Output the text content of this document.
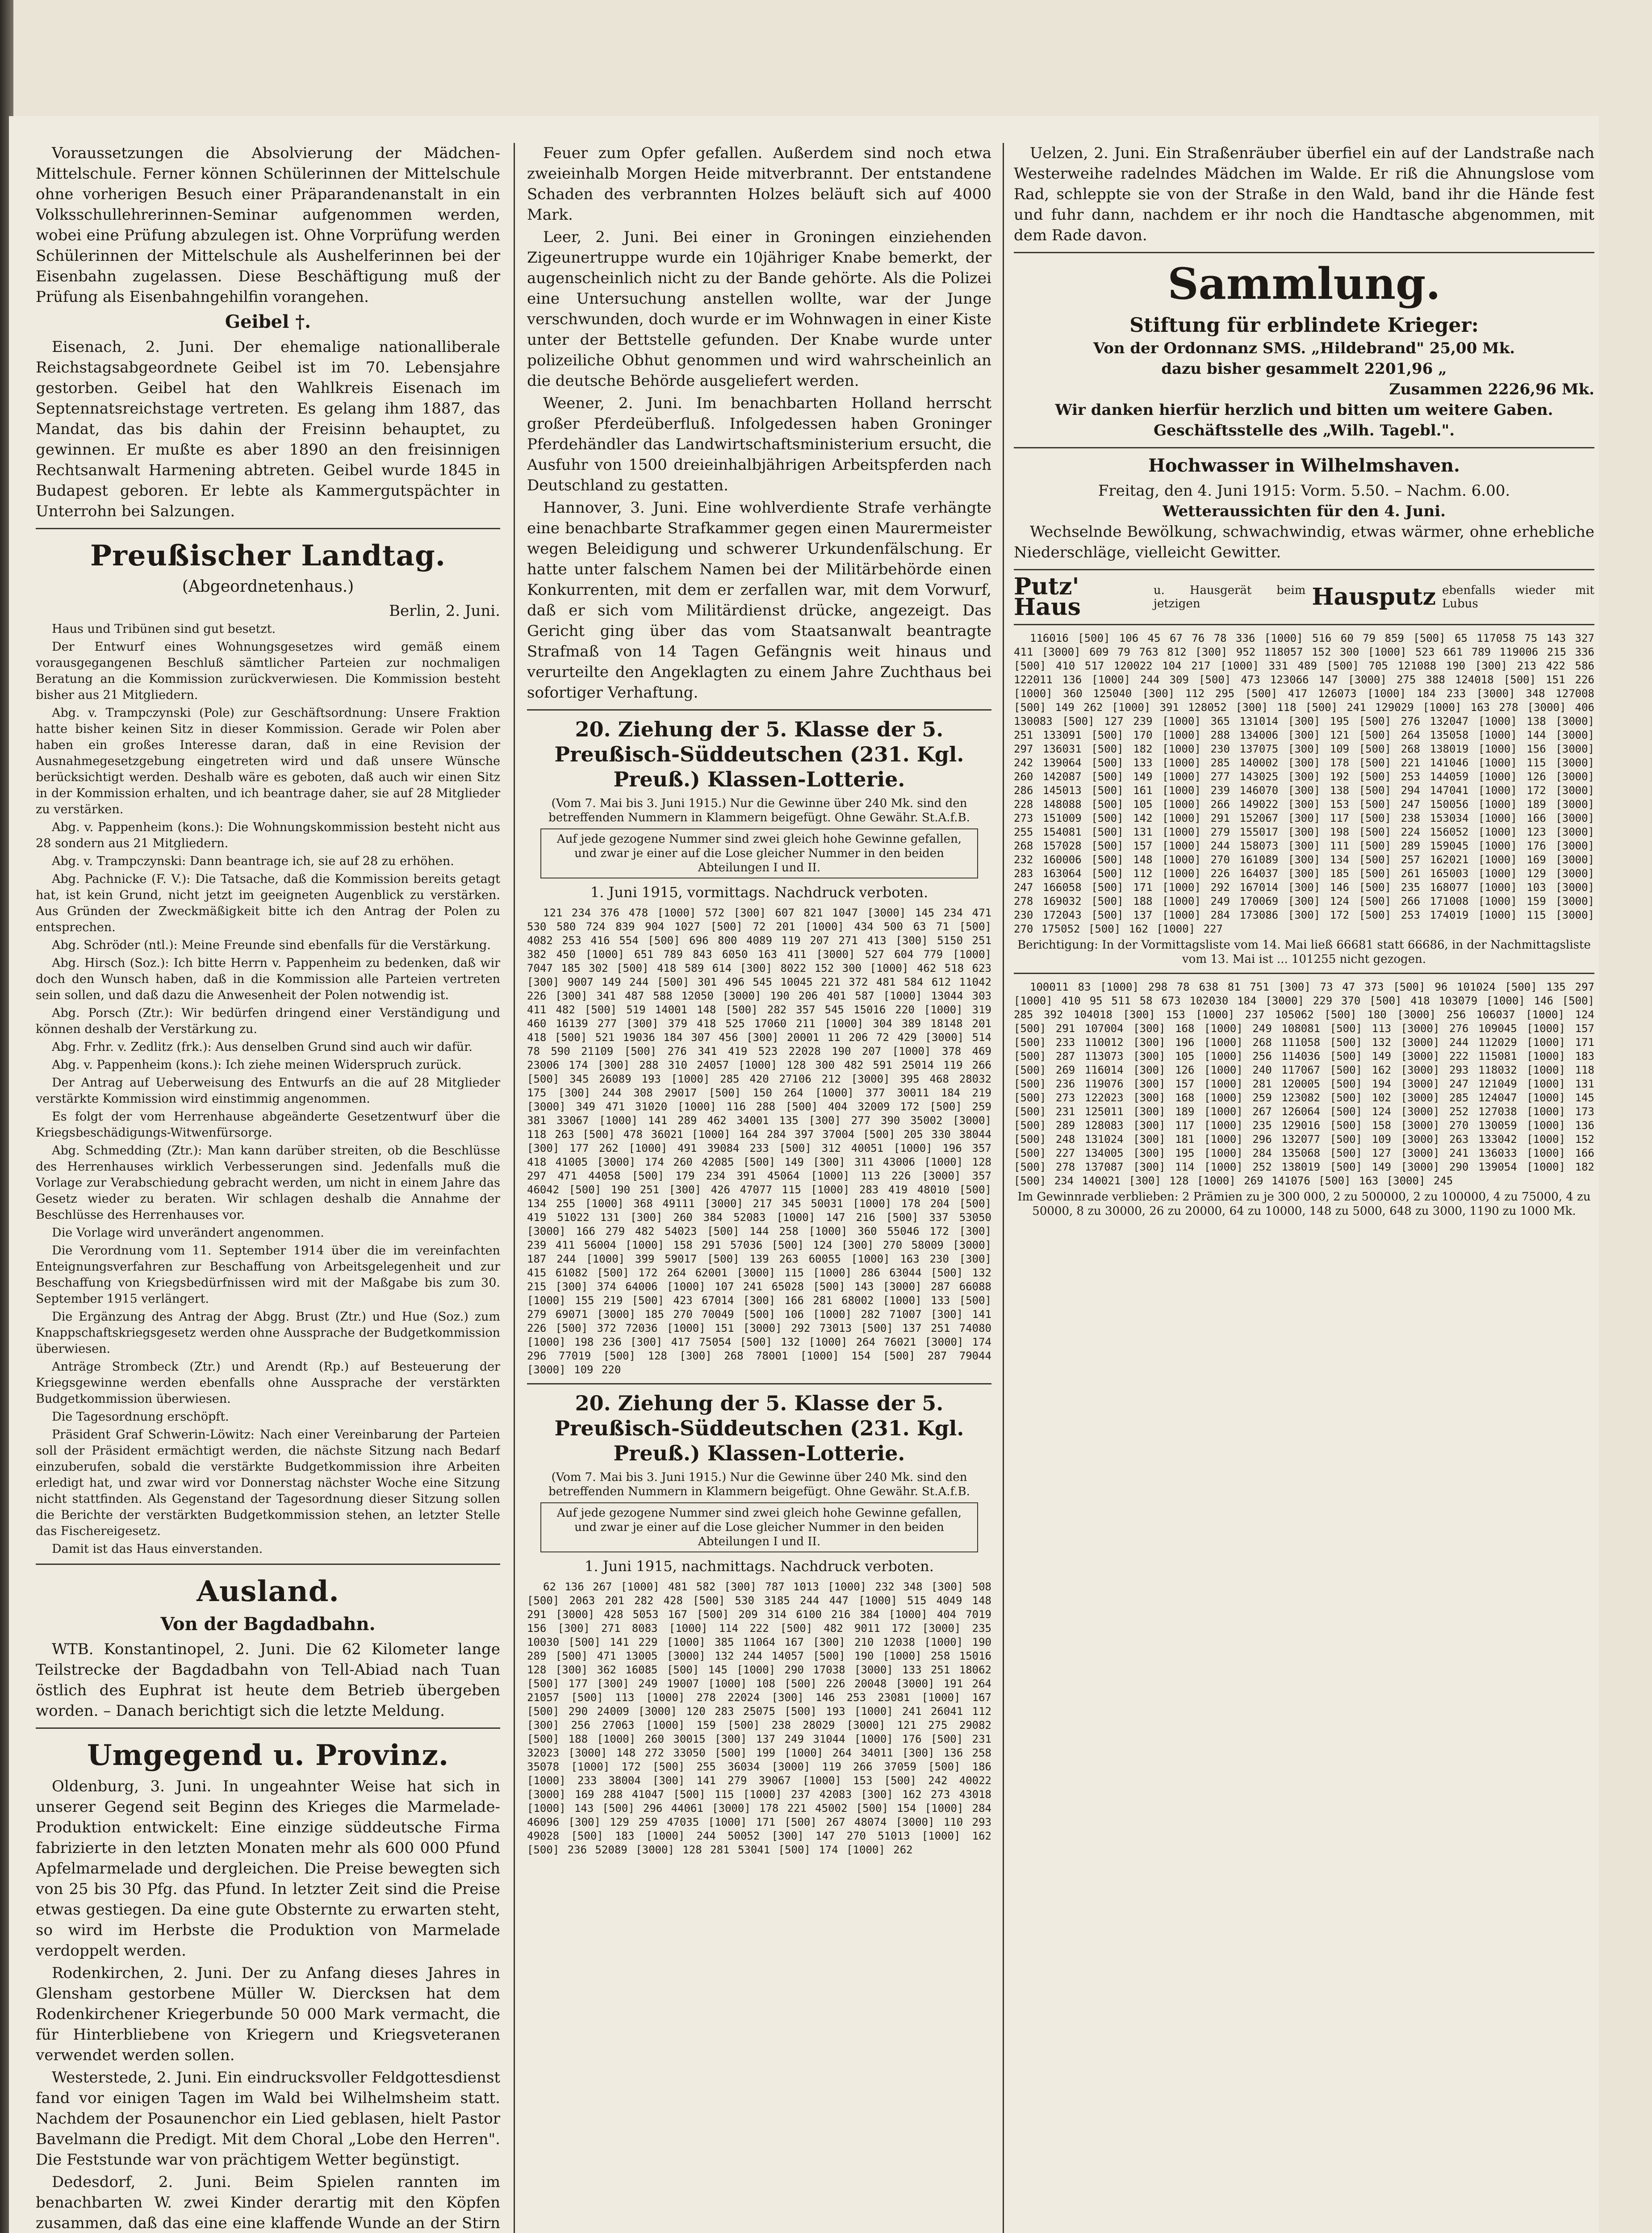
Voraussetzungen die Absolvierung der Mädchen-Mittelschule. Ferner können Schülerinnen der Mittelschule ohne vorherigen Besuch einer Präparandenanstalt in ein Volksschullehrerinnen-Seminar aufgenommen werden, wobei eine Prüfung abzulegen ist. Ohne Vorprüfung werden Schülerinnen der Mittelschule als Aushelferinnen bei der Eisenbahn zugelassen. Diese Beschäftigung muß der Prüfung als Eisenbahngehilfin vorangehen.

Geibel †.

Eisenach, 2. Juni. Der ehemalige nationalliberale Reichstagsabgeordnete Geibel ist im 70. Lebensjahre gestorben. Geibel hat den Wahlkreis Eisenach im Septennatsreichstage vertreten. Es gelang ihm 1887, das Mandat, das bis dahin der Freisinn behauptet, zu gewinnen. Er mußte es aber 1890 an den freisinnigen Rechtsanwalt Harmening abtreten. Geibel wurde 1845 in Budapest geboren. Er lebte als Kammergutspächter in Unterrohn bei Salzungen.

Preußischer Landtag.
(Abgeordnetenhaus.)
Berlin, 2. Juni.

Haus und Tribünen sind gut besetzt.

Der Entwurf eines Wohnungsgesetzes wird gemäß einem vorausgegangenen Beschluß sämtlicher Parteien zur nochmaligen Beratung an die Kommission zurückverwiesen. Die Kommission besteht bisher aus 21 Mitgliedern.

Abg. v. Trampczynski (Pole) zur Geschäftsordnung: Unsere Fraktion hatte bisher keinen Sitz in dieser Kommission. Gerade wir Polen aber haben ein großes Interesse daran, daß in eine Revision der Ausnahmegesetzgebung eingetreten wird und daß unsere Wünsche berücksichtigt werden. Deshalb wäre es geboten, daß auch wir einen Sitz in der Kommission erhalten, und ich beantrage daher, sie auf 28 Mitglieder zu verstärken.

Abg. v. Pappenheim (kons.): Die Wohnungskommission besteht nicht aus 28 sondern aus 21 Mitgliedern.

Abg. v. Trampczynski: Dann beantrage ich, sie auf 28 zu erhöhen.

Abg. Pachnicke (F. V.): Die Tatsache, daß die Kommission bereits getagt hat, ist kein Grund, nicht jetzt im geeigneten Augenblick zu verstärken. Aus Gründen der Zweckmäßigkeit bitte ich den Antrag der Polen zu entsprechen.

Abg. Schröder (ntl.): Meine Freunde sind ebenfalls für die Verstärkung.

Abg. Hirsch (Soz.): Ich bitte Herrn v. Pappenheim zu bedenken, daß wir doch den Wunsch haben, daß in die Kommission alle Parteien vertreten sein sollen, und daß dazu die Anwesenheit der Polen notwendig ist.

Abg. Porsch (Ztr.): Wir bedürfen dringend einer Verständigung und können deshalb der Verstärkung zu.

Abg. Frhr. v. Zedlitz (frk.): Aus denselben Grund sind auch wir dafür.

Abg. v. Pappenheim (kons.): Ich ziehe meinen Widerspruch zurück.

Der Antrag auf Ueberweisung des Entwurfs an die auf 28 Mitglieder verstärkte Kommission wird einstimmig angenommen.

Es folgt der vom Herrenhause abgeänderte Gesetzentwurf über die Kriegsbeschädigungs-Witwenfürsorge.

Abg. Schmedding (Ztr.): Man kann darüber streiten, ob die Beschlüsse des Herrenhauses wirklich Verbesserungen sind. Jedenfalls muß die Vorlage zur Verabschiedung gebracht werden, um nicht in einem Jahre das Gesetz wieder zu beraten. Wir schlagen deshalb die Annahme der Beschlüsse des Herrenhauses vor.

Die Vorlage wird unverändert angenommen.

Die Verordnung vom 11. September 1914 über die im vereinfachten Enteignungsverfahren zur Beschaffung von Arbeitsgelegenheit und zur Beschaffung von Kriegsbedürfnissen wird mit der Maßgabe bis zum 30. September 1915 verlängert.

Die Ergänzung des Antrag der Abgg. Brust (Ztr.) und Hue (Soz.) zum Knappschaftskriegsgesetz werden ohne Aussprache der Budgetkommission überwiesen.

Anträge Strombeck (Ztr.) und Arendt (Rp.) auf Besteuerung der Kriegsgewinne werden ebenfalls ohne Aussprache der verstärkten Budgetkommission überwiesen.

Die Tagesordnung erschöpft.

Präsident Graf Schwerin-Löwitz: Nach einer Vereinbarung der Parteien soll der Präsident ermächtigt werden, die nächste Sitzung nach Bedarf einzuberufen, sobald die verstärkte Budgetkommission ihre Arbeiten erledigt hat, und zwar wird vor Donnerstag nächster Woche eine Sitzung nicht stattfinden. Als Gegenstand der Tagesordnung dieser Sitzung sollen die Berichte der verstärkten Budgetkommission stehen, an letzter Stelle das Fischereigesetz.

Damit ist das Haus einverstanden.

Ausland.
Von der Bagdadbahn.

WTB. Konstantinopel, 2. Juni. Die 62 Kilometer lange Teilstrecke der Bagdadbahn von Tell-Abiad nach Tuan östlich des Euphrat ist heute dem Betrieb übergeben worden. – Danach berichtigt sich die letzte Meldung.

Umgegend u. Provinz.

Oldenburg, 3. Juni. In ungeahnter Weise hat sich in unserer Gegend seit Beginn des Krieges die Marmelade-Produktion entwickelt: Eine einzige süddeutsche Firma fabrizierte in den letzten Monaten mehr als 600 000 Pfund Apfelmarmelade und dergleichen. Die Preise bewegten sich von 25 bis 30 Pfg. das Pfund. In letzter Zeit sind die Preise etwas gestiegen. Da eine gute Obsternte zu erwarten steht, so wird im Herbste die Produktion von Marmelade verdoppelt werden.

Rodenkirchen, 2. Juni. Der zu Anfang dieses Jahres in Glensham gestorbene Müller W. Diercksen hat dem Rodenkirchener Kriegerbunde 50 000 Mark vermacht, die für Hinterbliebene von Kriegern und Kriegsveteranen verwendet werden sollen.

Westerstede, 2. Juni. Ein eindrucksvoller Feldgottesdienst fand vor einigen Tagen im Wald bei Wilhelmsheim statt. Nachdem der Posaunenchor ein Lied geblasen, hielt Pastor Bavelmann die Predigt. Mit dem Choral „Lobe den Herren". Die Feststunde war von prächtigem Wetter begünstigt.

Dedesdorf, 2. Juni. Beim Spielen rannten im benachbarten W. zwei Kinder derartig mit den Köpfen zusammen, daß das eine eine klaffende Wunde an der Stirn

Feuer zum Opfer gefallen. Außerdem sind noch etwa zweieinhalb Morgen Heide mitverbrannt. Der entstandene Schaden des verbrannten Holzes beläuft sich auf 4000 Mark.

Leer, 2. Juni. Bei einer in Groningen einziehenden Zigeunertruppe wurde ein 10jähriger Knabe bemerkt, der augenscheinlich nicht zu der Bande gehörte. Als die Polizei eine Untersuchung anstellen wollte, war der Junge verschwunden, doch wurde er im Wohnwagen in einer Kiste unter der Bettstelle gefunden. Der Knabe wurde unter polizeiliche Obhut genommen und wird wahrscheinlich an die deutsche Behörde ausgeliefert werden.

Weener, 2. Juni. Im benachbarten Holland herrscht großer Pferdeüberfluß. Infolgedessen haben Groninger Pferdehändler das Landwirtschaftsministerium ersucht, die Ausfuhr von 1500 dreieinhalbjährigen Arbeitspferden nach Deutschland zu gestatten.

Hannover, 3. Juni. Eine wohlverdiente Strafe verhängte eine benachbarte Strafkammer gegen einen Maurermeister wegen Beleidigung und schwerer Urkundenfälschung. Er hatte unter falschem Namen bei der Militärbehörde einen Konkurrenten, mit dem er zerfallen war, mit dem Vorwurf, daß er sich vom Militärdienst drücke, angezeigt. Das Gericht ging über das vom Staatsanwalt beantragte Strafmaß von 14 Tagen Gefängnis weit hinaus und verurteilte den Angeklagten zu einem Jahre Zuchthaus bei sofortiger Verhaftung.

20. Ziehung der 5. Klasse der 5. Preußisch-Süddeutschen (231. Kgl. Preuß.) Klassen-Lotterie.
(Vom 7. Mai bis 3. Juni 1915.) Nur die Gewinne über 240 Mk. sind den betreffenden Nummern in Klammern beigefügt. Ohne Gewähr. St.A.f.B.
Auf jede gezogene Nummer sind zwei gleich hohe Gewinne gefallen, und zwar je einer auf die Lose gleicher Nummer in den beiden Abteilungen I und II.
1. Juni 1915, vormittags. Nachdruck verboten.

121 234 376 478 [1000] 572 [300] 607 821 1047 [3000] 145 234 471 530 580 724 839 904 1027 [500] 72 201 [1000] 434 500 63 71 [500] 4082 253 416 554 [500] 696 800 4089 119 207 271 413 [300] 5150 251 382 450 [1000] 651 789 843 6050 163 411 [3000] 527 604 779 [1000] 7047 185 302 [500] 418 589 614 [300] 8022 152 300 [1000] 462 518 623 [300] 9007 149 244 [500] 301 496 545 10045 221 372 481 584 612 11042 226 [300] 341 487 588 12050 [3000] 190 206 401 587 [1000] 13044 303 411 482 [500] 519 14001 148 [500] 282 357 545 15016 220 [1000] 319 460 16139 277 [300] 379 418 525 17060 211 [1000] 304 389 18148 201 418 [500] 521 19036 184 307 456 [300] 20001 11 206 72 429 [3000] 514 78 590 21109 [500] 276 341 419 523 22028 190 207 [1000] 378 469 23006 174 [300] 288 310 24057 [1000] 128 300 482 591 25014 119 266 [500] 345 26089 193 [1000] 285 420 27106 212 [3000] 395 468 28032 175 [300] 244 308 29017 [500] 150 264 [1000] 377 30011 184 219 [3000] 349 471 31020 [1000] 116 288 [500] 404 32009 172 [500] 259 381 33067 [1000] 141 289 462 34001 135 [300] 277 390 35002 [3000] 118 263 [500] 478 36021 [1000] 164 284 397 37004 [500] 205 330 38044 [300] 177 262 [1000] 491 39084 233 [500] 312 40051 [1000] 196 357 418 41005 [3000] 174 260 42085 [500] 149 [300] 311 43006 [1000] 128 297 471 44058 [500] 179 234 391 45064 [1000] 113 226 [3000] 357 46042 [500] 190 251 [300] 426 47077 115 [1000] 283 419 48010 [500] 134 255 [1000] 368 49111 [3000] 217 345 50031 [1000] 178 204 [500] 419 51022 131 [300] 260 384 52083 [1000] 147 216 [500] 337 53050 [3000] 166 279 482 54023 [500] 144 258 [1000] 360 55046 172 [300] 239 411 56004 [1000] 158 291 57036 [500] 124 [300] 270 58009 [3000] 187 244 [1000] 399 59017 [500] 139 263 60055 [1000] 163 230 [300] 415 61082 [500] 172 264 62001 [3000] 115 [1000] 286 63044 [500] 132 215 [300] 374 64006 [1000] 107 241 65028 [500] 143 [3000] 287 66088 [1000] 155 219 [500] 423 67014 [300] 166 281 68002 [1000] 133 [500] 279 69071 [3000] 185 270 70049 [500] 106 [1000] 282 71007 [300] 141 226 [500] 372 72036 [1000] 151 [3000] 292 73013 [500] 137 251 74080 [1000] 198 236 [300] 417 75054 [500] 132 [1000] 264 76021 [3000] 174 296 77019 [500] 128 [300] 268 78001 [1000] 154 [500] 287 79044 [3000] 109 220

20. Ziehung der 5. Klasse der 5. Preußisch-Süddeutschen (231. Kgl. Preuß.) Klassen-Lotterie.
(Vom 7. Mai bis 3. Juni 1915.) Nur die Gewinne über 240 Mk. sind den betreffenden Nummern in Klammern beigefügt. Ohne Gewähr. St.A.f.B.
Auf jede gezogene Nummer sind zwei gleich hohe Gewinne gefallen, und zwar je einer auf die Lose gleicher Nummer in den beiden Abteilungen I und II.
1. Juni 1915, nachmittags. Nachdruck verboten.

62 136 267 [1000] 481 582 [300] 787 1013 [1000] 232 348 [300] 508 [500] 2063 201 282 428 [500] 530 3185 244 447 [1000] 515 4049 148 291 [3000] 428 5053 167 [500] 209 314 6100 216 384 [1000] 404 7019 156 [300] 271 8083 [1000] 114 222 [500] 482 9011 172 [3000] 235 10030 [500] 141 229 [1000] 385 11064 167 [300] 210 12038 [1000] 190 289 [500] 471 13005 [3000] 132 244 14057 [500] 190 [1000] 258 15016 128 [300] 362 16085 [500] 145 [1000] 290 17038 [3000] 133 251 18062 [500] 177 [300] 249 19007 [1000] 108 [500] 226 20048 [3000] 191 264 21057 [500] 113 [1000] 278 22024 [300] 146 253 23081 [1000] 167 [500] 290 24009 [3000] 120 283 25075 [500] 193 [1000] 241 26041 112 [300] 256 27063 [1000] 159 [500] 238 28029 [3000] 121 275 29082 [500] 188 [1000] 260 30015 [300] 137 249 31044 [1000] 176 [500] 231 32023 [3000] 148 272 33050 [500] 199 [1000] 264 34011 [300] 136 258 35078 [1000] 172 [500] 255 36034 [3000] 119 266 37059 [500] 186 [1000] 233 38004 [300] 141 279 39067 [1000] 153 [500] 242 40022 [3000] 169 288 41047 [500] 115 [1000] 237 42083 [300] 162 273 43018 [1000] 143 [500] 296 44061 [3000] 178 221 45002 [500] 154 [1000] 284 46096 [300] 129 259 47035 [1000] 171 [500] 267 48074 [3000] 110 293 49028 [500] 183 [1000] 244 50052 [300] 147 270 51013 [1000] 162 [500] 236 52089 [3000] 128 281 53041 [500] 174 [1000] 262

Uelzen, 2. Juni. Ein Straßenräuber überfiel ein auf der Landstraße nach Westerweihe radelndes Mädchen im Walde. Er riß die Ahnungslose vom Rad, schleppte sie von der Straße in den Wald, band ihr die Hände fest und fuhr dann, nachdem er ihr noch die Handtasche abgenommen, mit dem Rade davon.

Sammlung.
Stiftung für erblindete Krieger:
Von der Ordonnanz SMS. „Hildebrand" 25,00 Mk.
dazu bisher gesammelt 2201,96 „
Zusammen 2226,96 Mk.
Wir danken hierfür herzlich und bitten um weitere Gaben. Geschäftsstelle des „Wilh. Tagebl.".
Hochwasser in Wilhelmshaven.
Freitag, den 4. Juni 1915: Vorm. 5.50. – Nachm. 6.00.
Wetteraussichten für den 4. Juni.

Wechselnde Bewölkung, schwachwindig, etwas wärmer, ohne erhebliche Niederschläge, vielleicht Gewitter.

Putz' Haus
u. Hausgerät beim jetzigen	Hausputz ebenfalls wieder mit Lubus

116016 [500] 106 45 67 76 78 336 [1000] 516 60 79 859 [500] 65 117058 75 143 327 411 [3000] 609 79 763 812 [300] 952 118057 152 300 [1000] 523 661 789 119006 215 336 [500] 410 517 120022 104 217 [1000] 331 489 [500] 705 121088 190 [300] 213 422 586 122011 136 [1000] 244 309 [500] 473 123066 147 [3000] 275 388 124018 [500] 151 226 [1000] 360 125040 [300] 112 295 [500] 417 126073 [1000] 184 233 [3000] 348 127008 [500] 149 262 [1000] 391 128052 [300] 118 [500] 241 129029 [1000] 163 278 [3000] 406 130083 [500] 127 239 [1000] 365 131014 [300] 195 [500] 276 132047 [1000] 138 [3000] 251 133091 [500] 170 [1000] 288 134006 [300] 121 [500] 264 135058 [1000] 144 [3000] 297 136031 [500] 182 [1000] 230 137075 [300] 109 [500] 268 138019 [1000] 156 [3000] 242 139064 [500] 133 [1000] 285 140002 [300] 178 [500] 221 141046 [1000] 115 [3000] 260 142087 [500] 149 [1000] 277 143025 [300] 192 [500] 253 144059 [1000] 126 [3000] 286 145013 [500] 161 [1000] 239 146070 [300] 138 [500] 294 147041 [1000] 172 [3000] 228 148088 [500] 105 [1000] 266 149022 [300] 153 [500] 247 150056 [1000] 189 [3000] 273 151009 [500] 142 [1000] 291 152067 [300] 117 [500] 238 153034 [1000] 166 [3000] 255 154081 [500] 131 [1000] 279 155017 [300] 198 [500] 224 156052 [1000] 123 [3000] 268 157028 [500] 157 [1000] 244 158073 [300] 111 [500] 289 159045 [1000] 176 [3000] 232 160006 [500] 148 [1000] 270 161089 [300] 134 [500] 257 162021 [1000] 169 [3000] 283 163064 [500] 112 [1000] 226 164037 [300] 185 [500] 261 165003 [1000] 129 [3000] 247 166058 [500] 171 [1000] 292 167014 [300] 146 [500] 235 168077 [1000] 103 [3000] 278 169032 [500] 188 [1000] 249 170069 [300] 124 [500] 266 171008 [1000] 159 [3000] 230 172043 [500] 137 [1000] 284 173086 [300] 172 [500] 253 174019 [1000] 115 [3000] 270 175052 [500] 162 [1000] 227

Berichtigung: In der Vormittagsliste vom 14. Mai ließ 66681 statt 66686, in der Nachmittagsliste vom 13. Mai ist ... 101255 nicht gezogen.

100011 83 [1000] 298 78 638 81 751 [300] 73 47 373 [500] 96 101024 [500] 135 297 [1000] 410 95 511 58 673 102030 184 [3000] 229 370 [500] 418 103079 [1000] 146 [500] 285 392 104018 [300] 153 [1000] 237 105062 [500] 180 [3000] 256 106037 [1000] 124 [500] 291 107004 [300] 168 [1000] 249 108081 [500] 113 [3000] 276 109045 [1000] 157 [500] 233 110012 [300] 196 [1000] 268 111058 [500] 132 [3000] 244 112029 [1000] 171 [500] 287 113073 [300] 105 [1000] 256 114036 [500] 149 [3000] 222 115081 [1000] 183 [500] 269 116014 [300] 126 [1000] 240 117067 [500] 162 [3000] 293 118032 [1000] 118 [500] 236 119076 [300] 157 [1000] 281 120005 [500] 194 [3000] 247 121049 [1000] 131 [500] 273 122023 [300] 168 [1000] 259 123082 [500] 102 [3000] 285 124047 [1000] 145 [500] 231 125011 [300] 189 [1000] 267 126064 [500] 124 [3000] 252 127038 [1000] 173 [500] 289 128083 [300] 117 [1000] 235 129016 [500] 158 [3000] 270 130059 [1000] 136 [500] 248 131024 [300] 181 [1000] 296 132077 [500] 109 [3000] 263 133042 [1000] 152 [500] 227 134005 [300] 195 [1000] 284 135068 [500] 127 [3000] 241 136033 [1000] 166 [500] 278 137087 [300] 114 [1000] 252 138019 [500] 149 [3000] 290 139054 [1000] 182 [500] 234 140021 [300] 128 [1000] 269 141076 [500] 163 [3000] 245

Im Gewinnrade verblieben: 2 Prämien zu je 300 000, 2 zu 500000, 2 zu 100000, 4 zu 75000, 4 zu 50000, 8 zu 30000, 26 zu 20000, 64 zu 10000, 148 zu 5000, 648 zu 3000, 1190 zu 1000 Mk.
